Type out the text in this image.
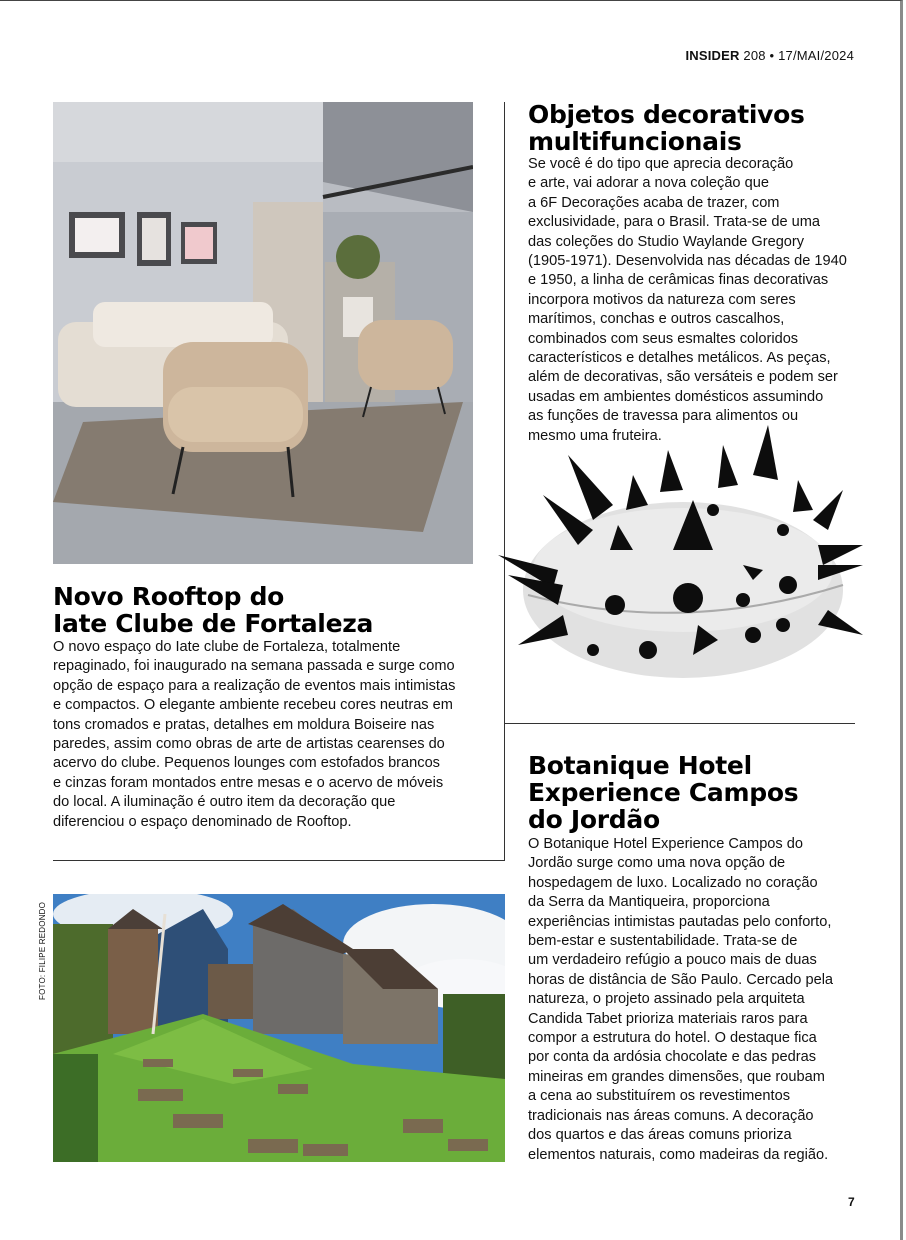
INSIDER 208 • 17/MAI/2024
Objetos decorativos
multifuncionais

Se você é do tipo que aprecia decoração
e arte, vai adorar a nova coleção que
a 6F Decorações acaba de trazer, com
exclusividade, para o Brasil. Trata-se de uma
das coleções do Studio Waylande Gregory
(1905-1971). Desenvolvida nas décadas de 1940
e 1950, a linha de cerâmicas finas decorativas
incorpora motivos da natureza com seres
marítimos, conchas e outros cascalhos,
combinados com seus esmaltes coloridos
característicos e detalhes metálicos. As peças,
além de decorativas, são versáteis e podem ser
usadas em ambientes domésticos assumindo
as funções de travessa para alimentos ou
mesmo uma fruteira.

Novo Rooftop do
Iate Clube de Fortaleza

O novo espaço do Iate clube de Fortaleza, totalmente
repaginado, foi inaugurado na semana passada e surge como
opção de espaço para a realização de eventos mais intimistas
e compactos. O elegante ambiente recebeu cores neutras em
tons cromados e pratas, detalhes em moldura Boiseire nas
paredes, assim como obras de arte de artistas cearenses do
acervo do clube. Pequenos lounges com estofados brancos
e cinzas foram montados entre mesas e o acervo de móveis
do local. A iluminação é outro item da decoração que
diferenciou o espaço denominado de Rooftop.

Botanique Hotel
Experience Campos
do Jordão

O Botanique Hotel Experience Campos do
Jordão surge como uma nova opção de
hospedagem de luxo. Localizado no coração
da Serra da Mantiqueira, proporciona
experiências intimistas pautadas pelo conforto,
bem-estar e sustentabilidade. Trata-se de
um verdadeiro refúgio a pouco mais de duas
horas de distância de São Paulo. Cercado pela
natureza, o projeto assinado pela arquiteta
Candida Tabet prioriza materiais raros para
compor a estrutura do hotel. O destaque fica
por conta da ardósia chocolate e das pedras
mineiras em grandes dimensões, que roubam
a cena ao substituírem os revestimentos
tradicionais nas áreas comuns. A decoração
dos quartos e das áreas comuns prioriza
elementos naturais, como madeiras da região.

FOTO: FILIPE REDONDO
7
